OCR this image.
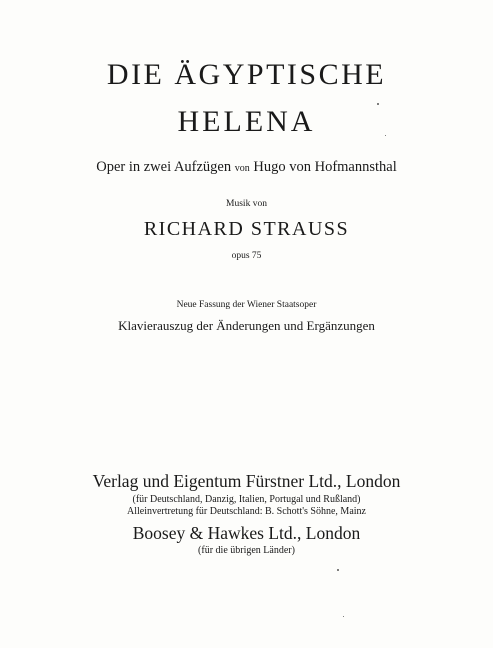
DIE ÄGYPTISCHE
HELENA
Oper in zwei Aufzügen von Hugo von Hofmannsthal
Musik von
RICHARD STRAUSS
opus 75
Neue Fassung der Wiener Staatsoper
Klavierauszug der Änderungen und Ergänzungen
Verlag und Eigentum Fürstner Ltd., London
(für Deutschland, Danzig, Italien, Portugal und Rußland)
Alleinvertretung für Deutschland: B. Schott's Söhne, Mainz
Boosey & Hawkes Ltd., London
(für die übrigen Länder)
